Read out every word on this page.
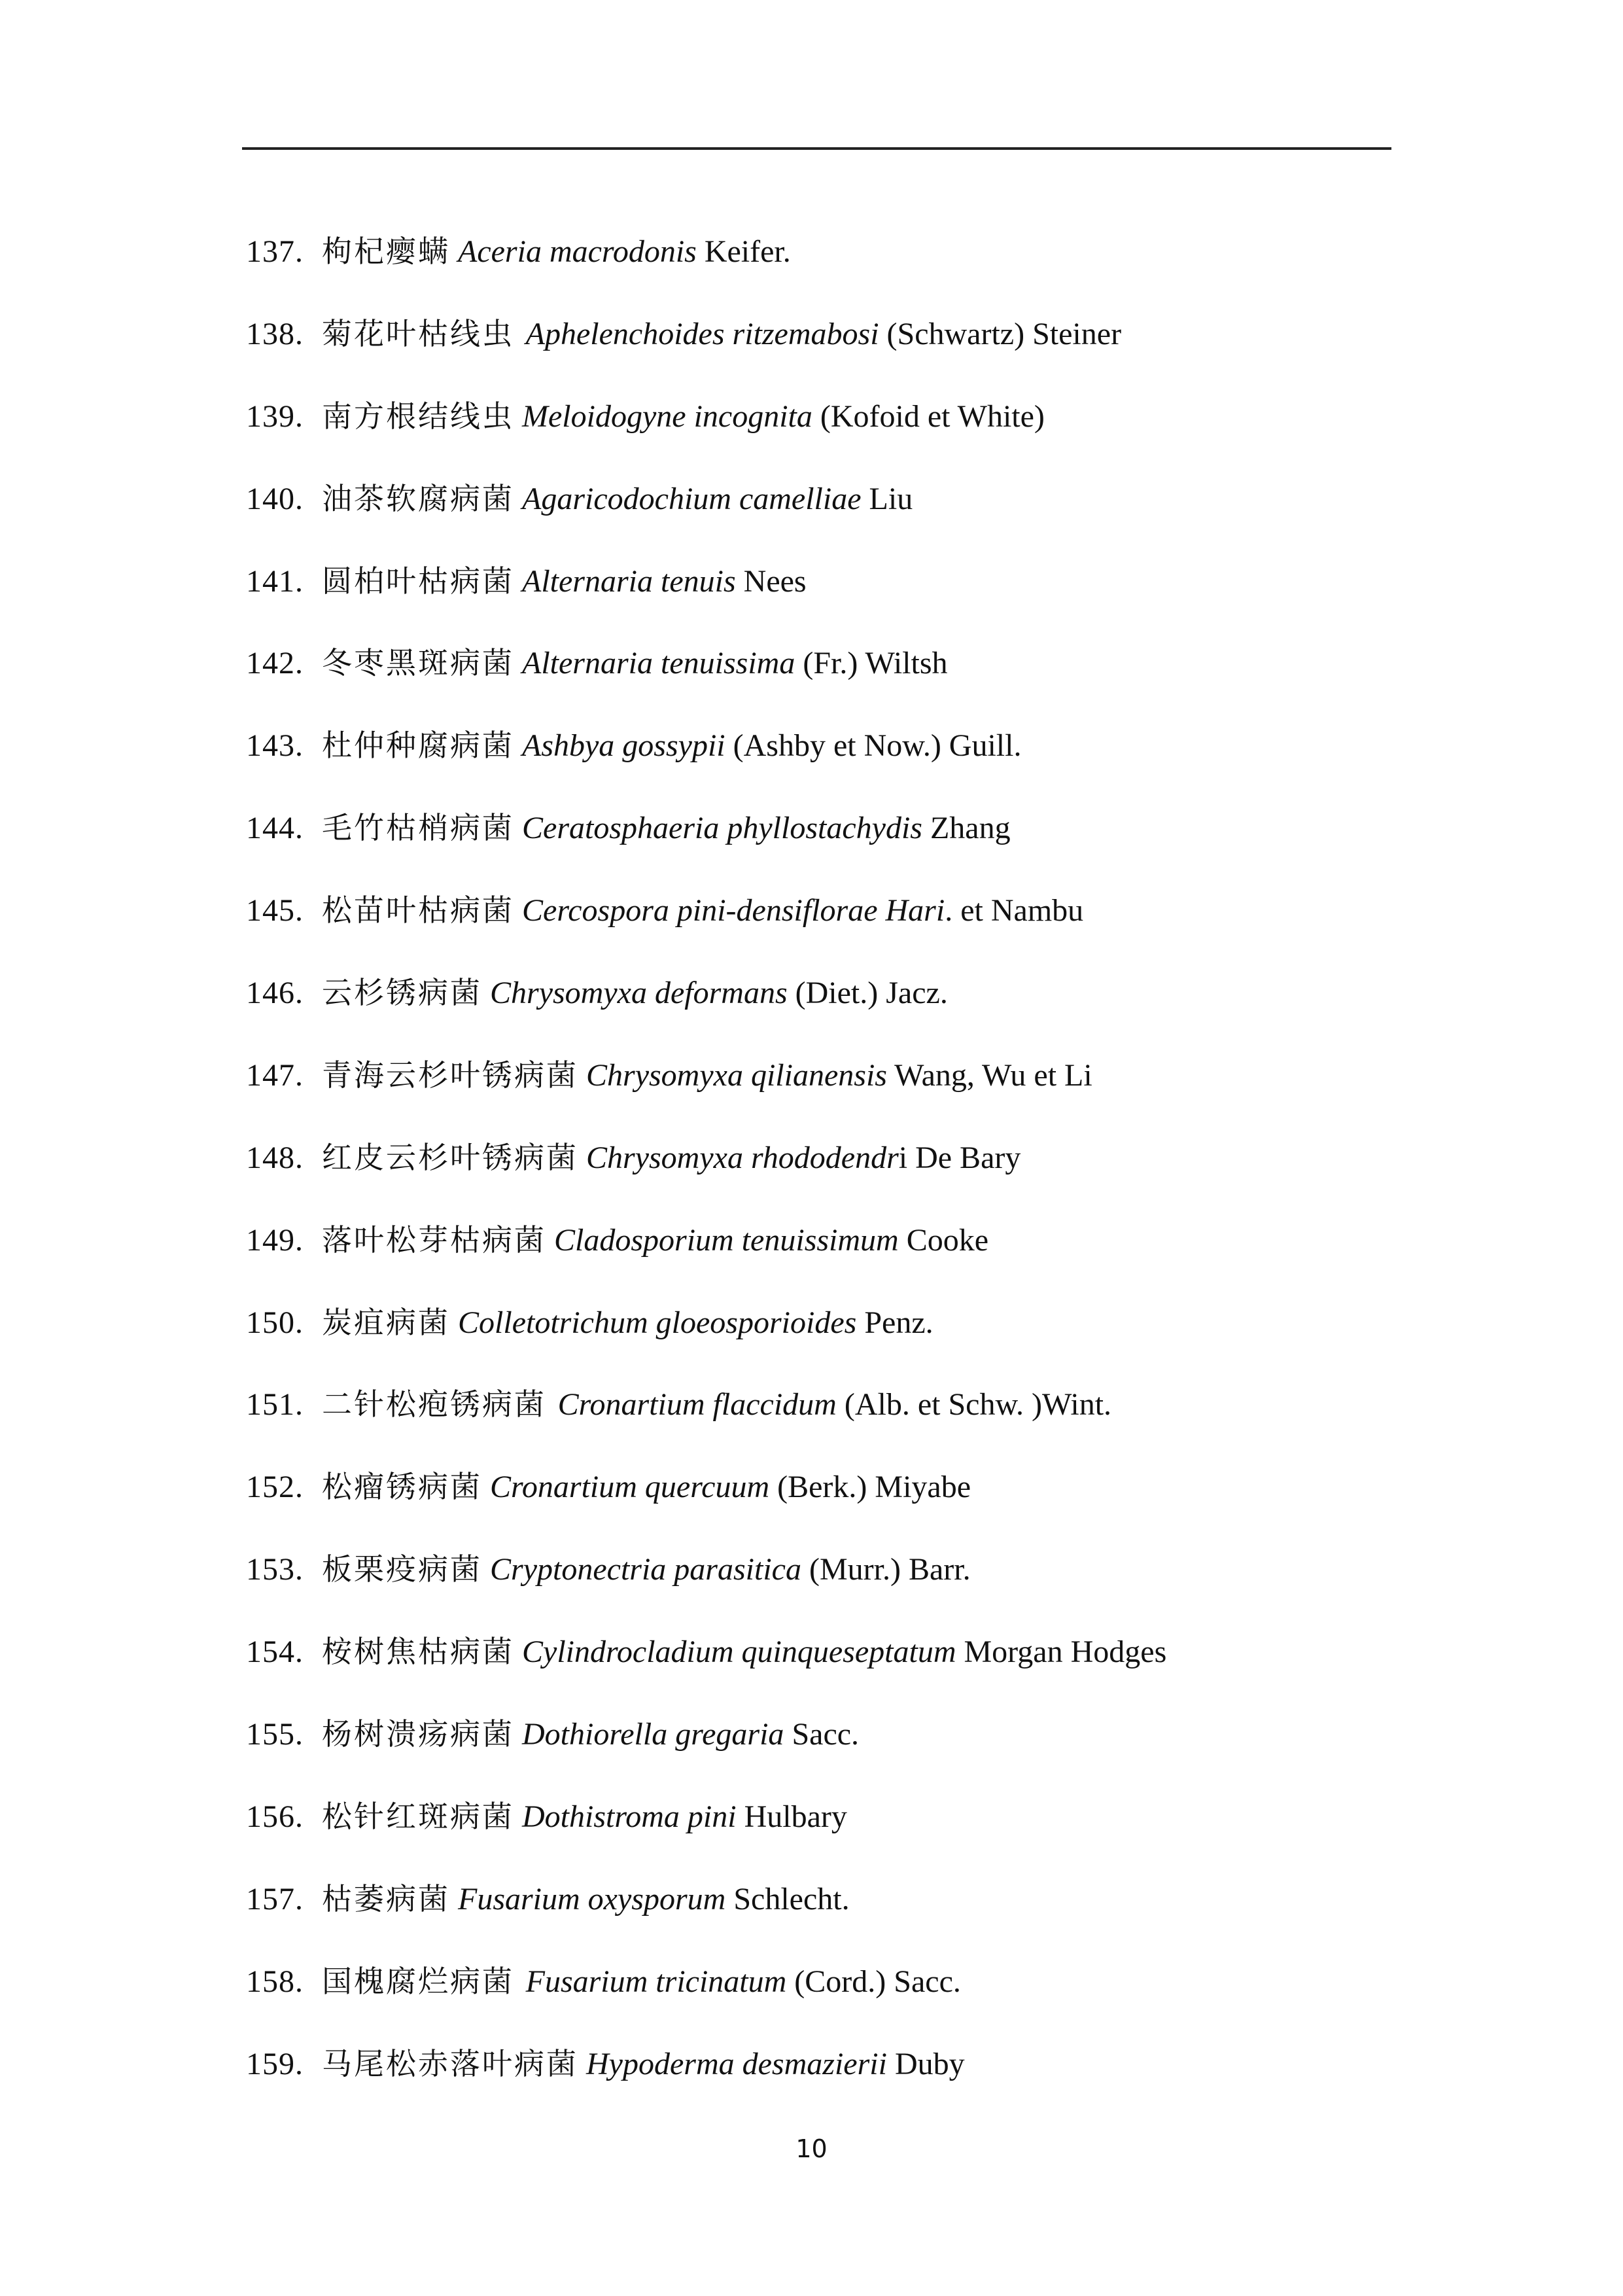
137. 枸杞瘿螨 Aceria macrodonis Keifer.
138. 菊花叶枯线虫 Aphelenchoides ritzemabosi (Schwartz) Steiner
139. 南方根结线虫 Meloidogyne incognita (Kofoid et White)
140. 油茶软腐病菌 Agaricodochium camelliae Liu
141. 圆柏叶枯病菌 Alternaria tenuis Nees
142. 冬枣黑斑病菌 Alternaria tenuissima (Fr.) Wiltsh
143. 杜仲种腐病菌 Ashbya gossypii (Ashby et Now.) Guill.
144. 毛竹枯梢病菌 Ceratosphaeria phyllostachydis Zhang
145. 松苗叶枯病菌 Cercospora pini-densiflorae Hari. et Nambu
146. 云杉锈病菌 Chrysomyxa deformans (Diet.) Jacz.
147. 青海云杉叶锈病菌 Chrysomyxa qilianensis Wang, Wu et Li
148. 红皮云杉叶锈病菌 Chrysomyxa rhododendri De Bary
149. 落叶松芽枯病菌 Cladosporium tenuissimum Cooke
150. 炭疽病菌 Colletotrichum gloeosporioides Penz.
151. 二针松疱锈病菌 Cronartium flaccidum (Alb. et Schw. )Wint.
152. 松瘤锈病菌 Cronartium quercuum (Berk.) Miyabe
153. 板栗疫病菌 Cryptonectria parasitica (Murr.) Barr.
154. 桉树焦枯病菌 Cylindrocladium quinqueseptatum Morgan Hodges
155. 杨树溃疡病菌 Dothiorella gregaria Sacc.
156. 松针红斑病菌 Dothistroma pini Hulbary
157. 枯萎病菌 Fusarium oxysporum Schlecht.
158. 国槐腐烂病菌 Fusarium tricinatum (Cord.) Sacc.
159. 马尾松赤落叶病菌 Hypoderma desmazierii Duby
10
